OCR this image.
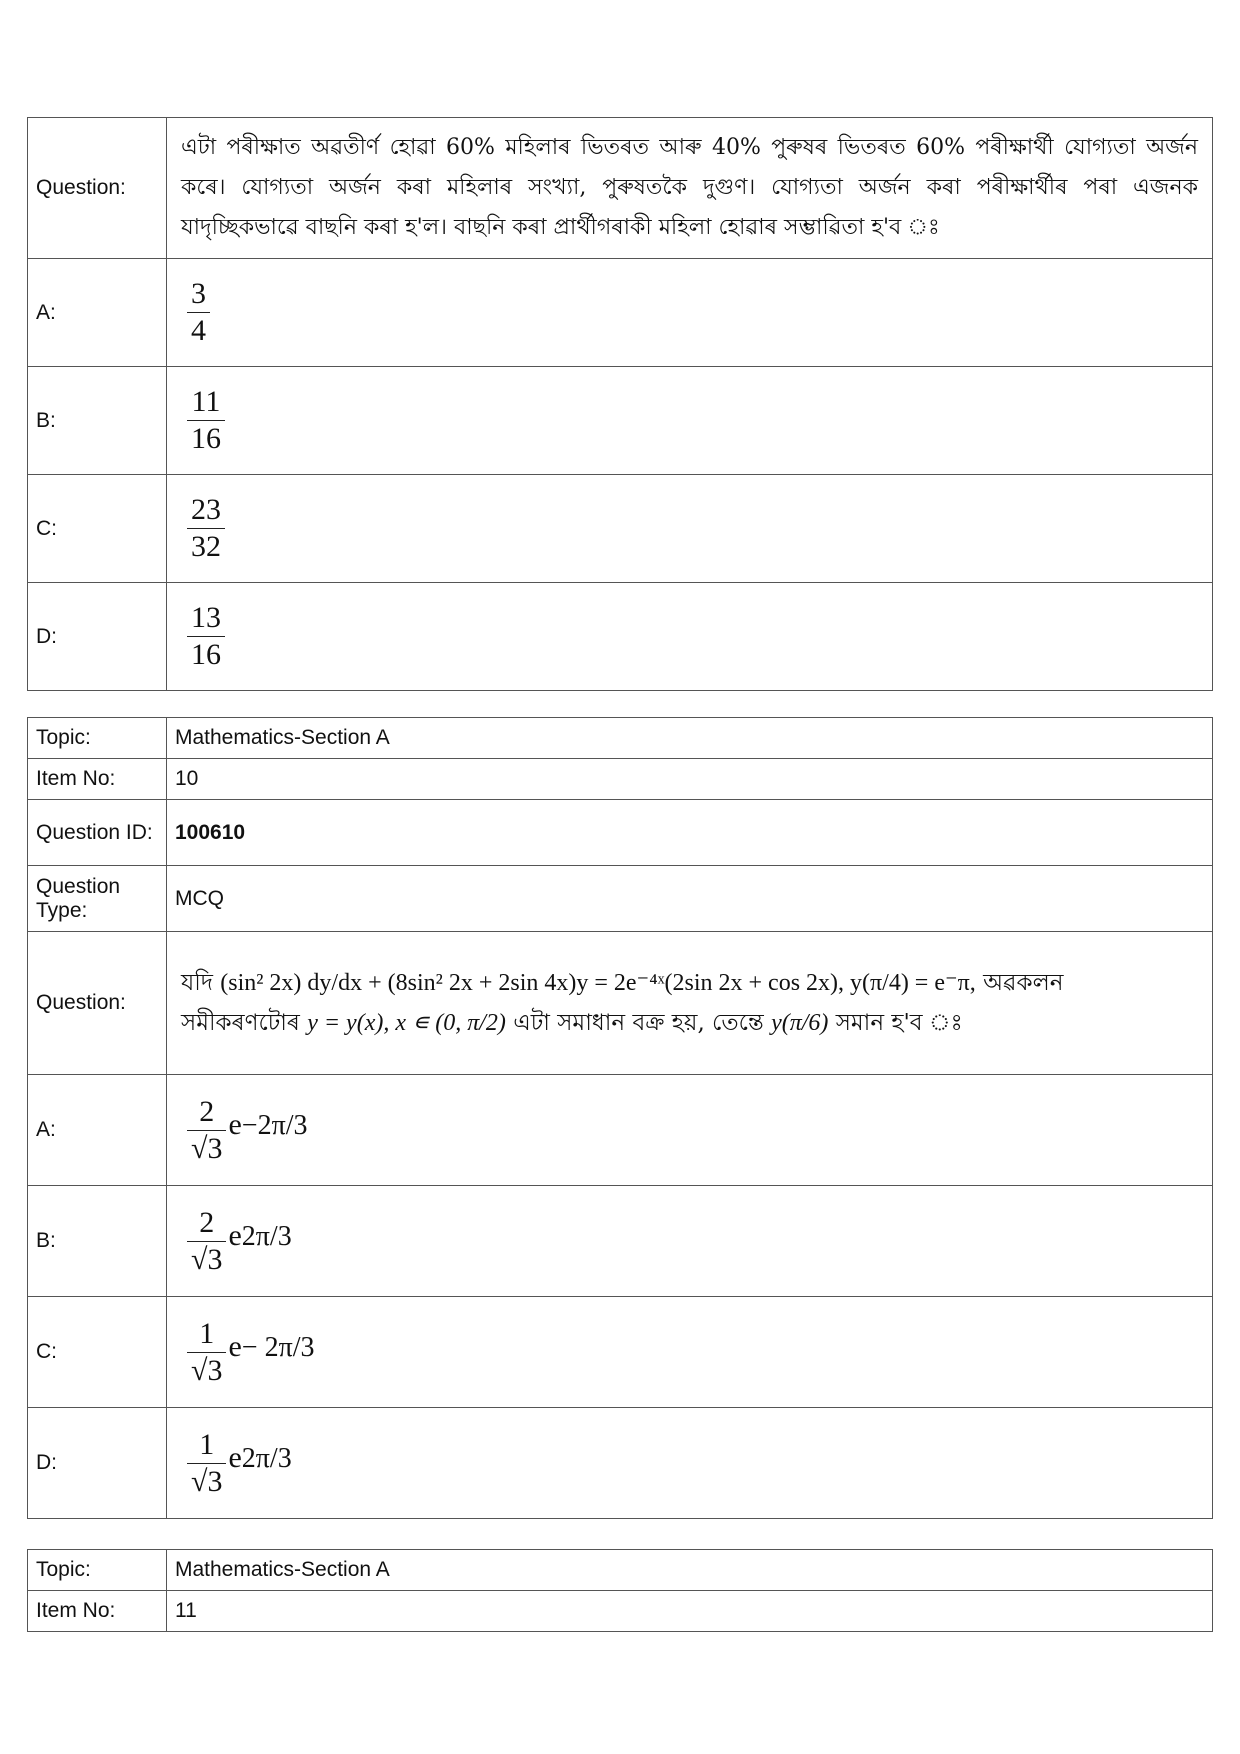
Question:	এটা পৰীক্ষাত অৱতীৰ্ণ হোৱা 60% মহিলাৰ ভিতৰত আৰু 40% পুৰুষৰ ভিতৰত 60% পৰীক্ষাৰ্থী যোগ্যতা অৰ্জন কৰে। যোগ্যতা অৰ্জন কৰা মহিলাৰ সংখ্যা, পুৰুষতকৈ দুগুণ। যোগ্যতা অৰ্জন কৰা পৰীক্ষাৰ্থীৰ পৰা এজনক যাদৃচ্ছিকভাৱে বাছনি কৰা হ'ল। বাছনি কৰা প্ৰাৰ্থীগৰাকী মহিলা হোৱাৰ সম্ভাৱিতা হ'ব ঃ
A:	$\frac{3}{4}$

B:	$\frac{11}{16}$

C:	$\frac{23}{32}$

D:	$\frac{13}{16}$
Topic:	Mathematics-Section A
Item No:	10
Question ID:	100610
Question Type:	MCQ
Question:	যদি (sin² 2x) dy/dx + (8sin² 2x + 2sin 4x)y = 2e⁻⁴ˣ(2sin 2x + cos 2x), y(π/4) = e⁻π, অৱকলন
সমীকৰণটোৰ y = y(x), x ∊ (0, π/2) এটা সমাধান বক্ৰ হয়, তেন্তে y(π/6) সমান হ'ব ঃ

A:	$\frac{2}{√3}$ e −2π/3

B:	$\frac{2}{√3}$ e 2π/3

C:	$\frac{1}{√3}$ e − 2π/3

D:	$\frac{1}{√3}$ e 2π/3
Topic:	Mathematics-Section A
Item No:	11
